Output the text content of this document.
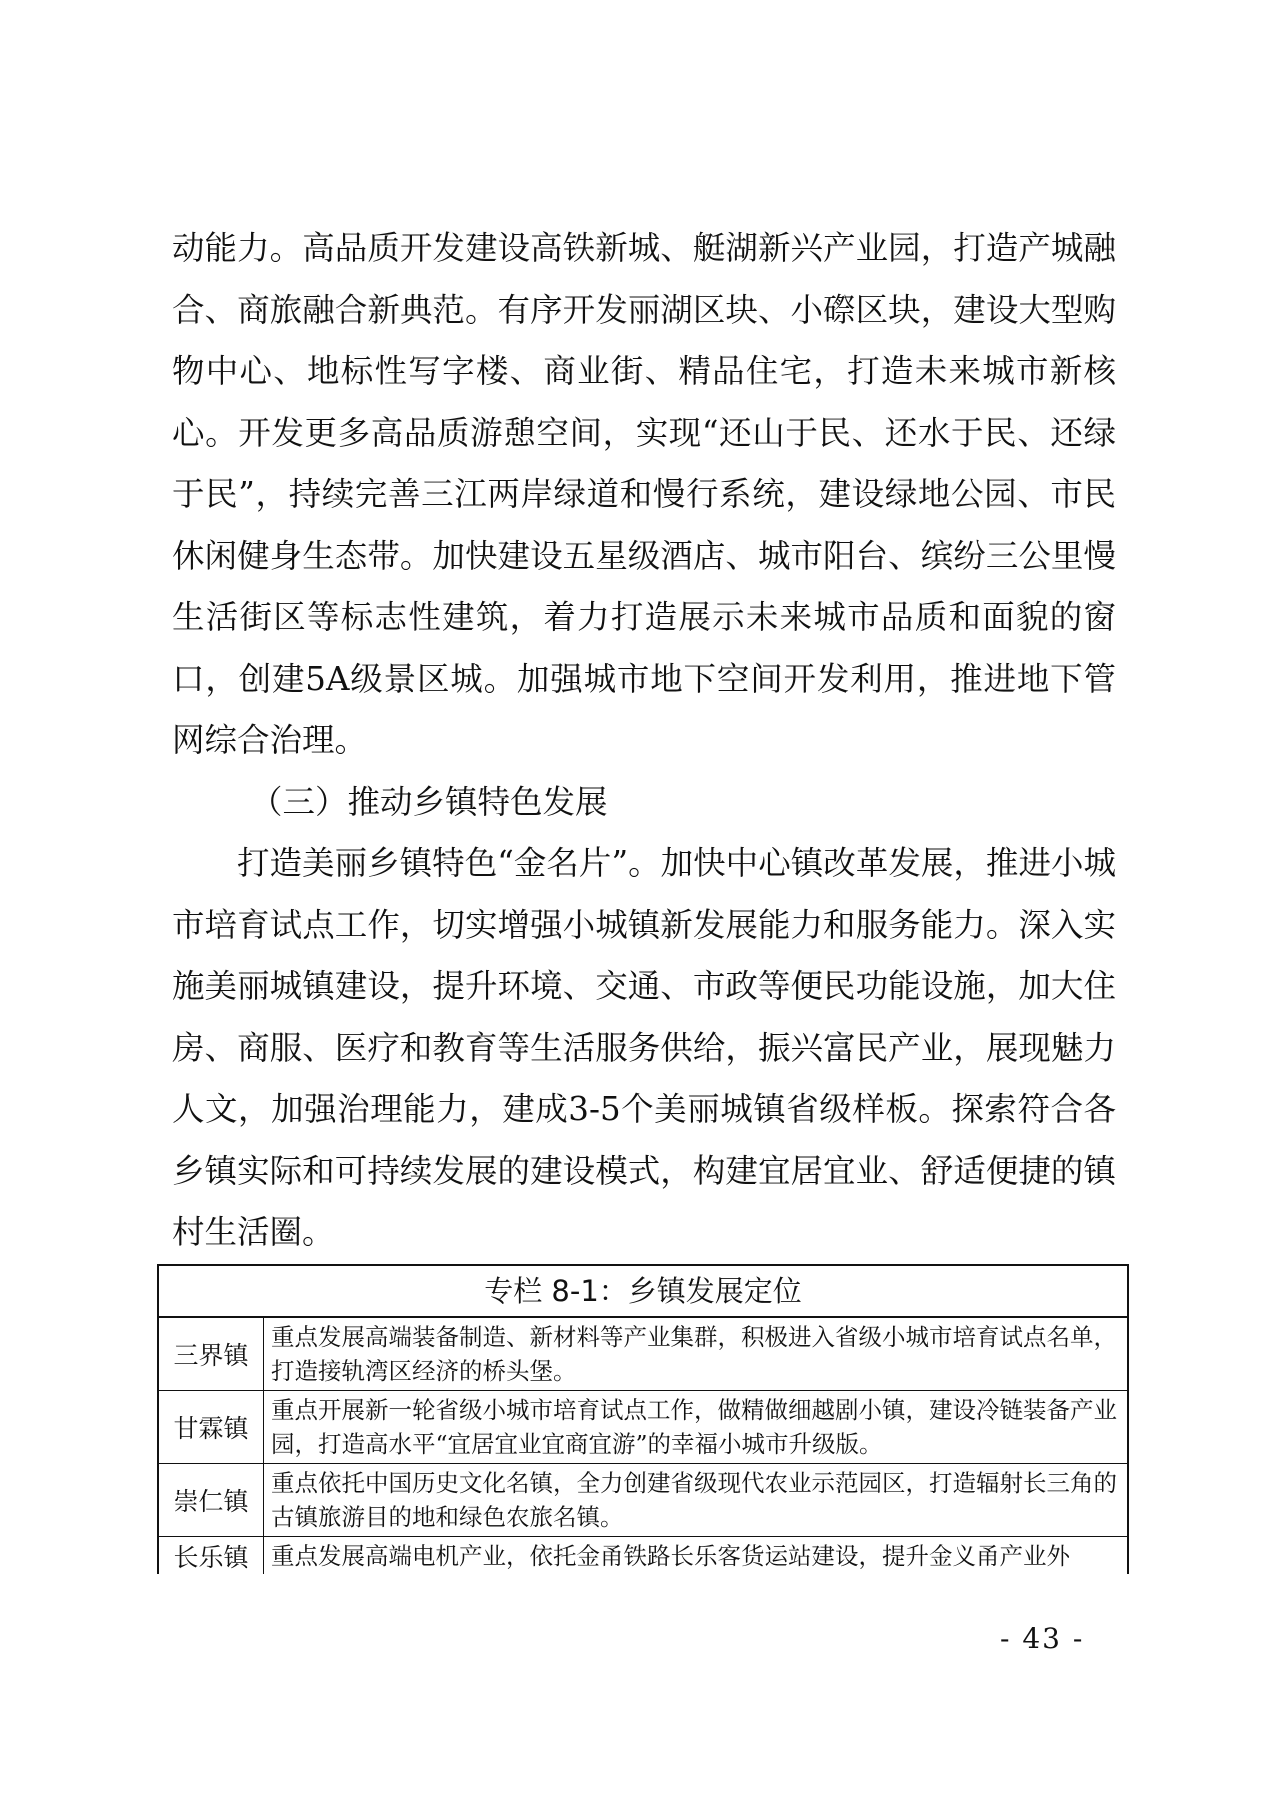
动能力。高品质开发建设高铁新城、艇湖新兴产业园，打造产城融合、商旅融合新典范。有序开发丽湖区块、小磜区块，建设大型购物中心、地标性写字楼、商业街、精品住宅，打造未来城市新核心。开发更多高品质游憩空间，实现“还山于民、还水于民、还绿于民”，持续完善三江两岸绿道和慢行系统，建设绿地公园、市民休闲健身生态带。加快建设五星级酒店、城市阳台、缤纷三公里慢生活街区等标志性建筑，着力打造展示未来城市品质和面貌的窗口，创建5A级景区城。加强城市地下空间开发利用，推进地下管网综合治理。

（三）推动乡镇特色发展

打造美丽乡镇特色“金名片”。加快中心镇改革发展，推进小城市培育试点工作，切实增强小城镇新发展能力和服务能力。深入实施美丽城镇建设，提升环境、交通、市政等便民功能设施，加大住房、商服、医疗和教育等生活服务供给，振兴富民产业，展现魅力人文，加强治理能力，建成3-5个美丽城镇省级样板。探索符合各乡镇实际和可持续发展的建设模式，构建宜居宜业、舒适便捷的镇村生活圈。

专栏 8-1：乡镇发展定位
三界镇
重点发展高端装备制造、新材料等产业集群，积极进入省级小城市培育试点名单，打造接轨湾区经济的桥头堡。
甘霖镇
重点开展新一轮省级小城市培育试点工作，做精做细越剧小镇，建设冷链装备产业园，打造高水平“宜居宜业宜商宜游”的幸福小城市升级版。
崇仁镇
重点依托中国历史文化名镇，全力创建省级现代农业示范园区，打造辐射长三角的古镇旅游目的地和绿色农旅名镇。
长乐镇 重点发展高端电机产业，依托金甬铁路长乐客货运站建设，提升金义甬产业外
- 43 -
